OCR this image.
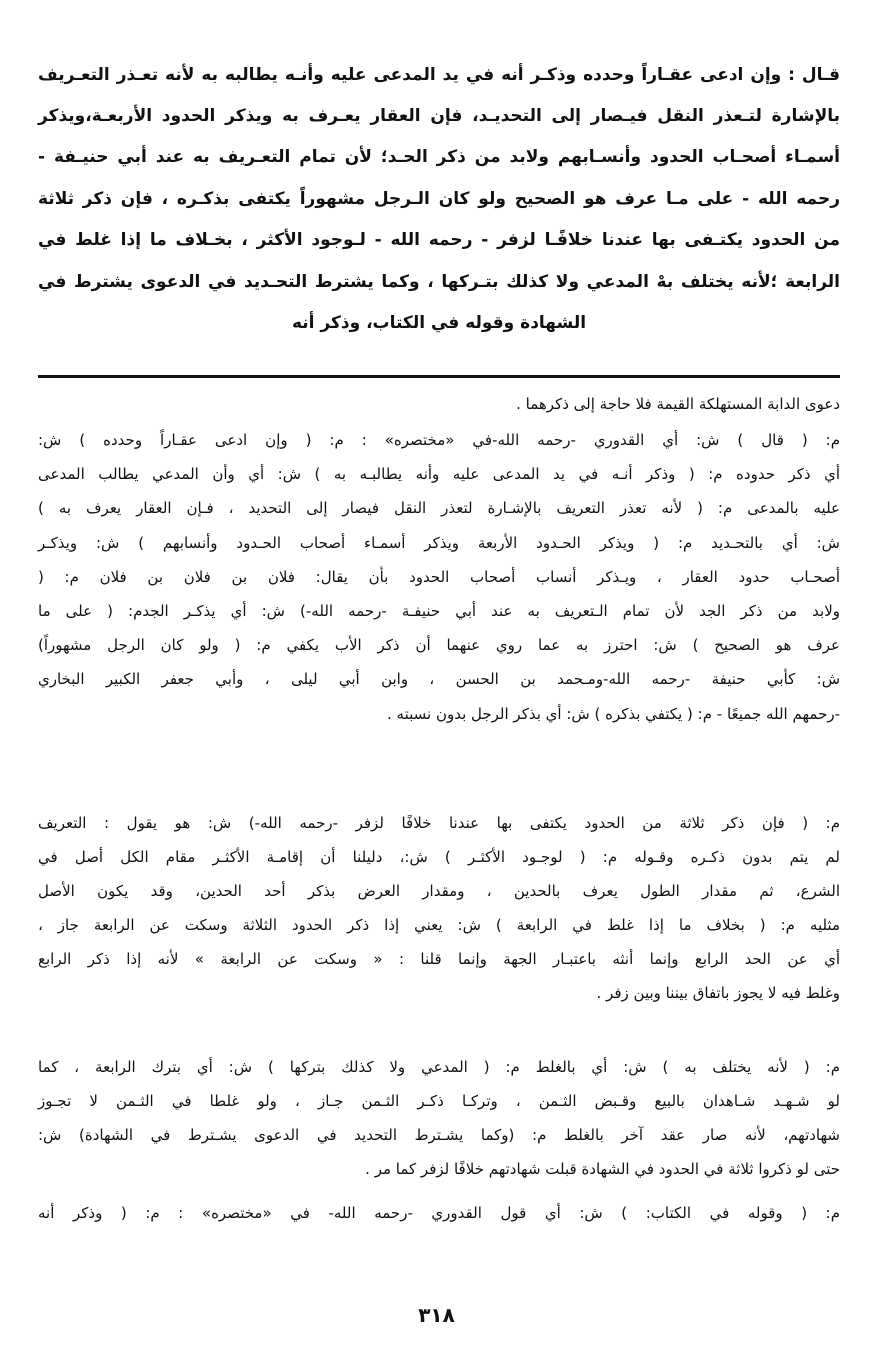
قـال : وإن ادعى عقـاراً وحدده وذكـر أنه في يد المدعى عليه وأنـه يطالبه به لأنه تعـذر التعـريف
بالإشارة لتـعذر النقل فيـصار إلى التحديـد، فإن العقار يعـرف به ويذكر الحدود الأربعـة،ويذكر
أسمـاء أصحـاب الحدود وأنسـابهم ولابد من ذكر الحـد؛ لأن تمام التعـريف به عند أبي حنيـفة -
رحمه الله - على مـا عرف هو الصحيح ولو كان الـرجل مشهوراً يكتفى بذكـره ، فإن ذكر ثلاثة
من الحدود يكتـفى بها عندنا خلافًـا لزفر - رحمه الله - لـوجود الأكثر ، بخـلاف ما إذا غلط في
الرابعة ؛لأنه يختلف بهْ المدعي ولا كذلك بتـركها ، وكما يشترط التحـديد في الدعوى يشترط في
الشهادة وقوله في الكتاب، وذكر أنه
دعوى الدابة المستهلكة القيمة فلا حاجة إلى ذكرهما .
م: ( قال ) ش: أي القدوري -رحمه الله-في «مختصره» : م: ( وإن ادعى عقـاراً وحدده ) ش:
أي ذكر حدوده م: ( وذكر أنـه في يد المدعى عليه وأنه يطالبـه به ) ش: أي وأن المدعي يطالب المدعى
عليه بالمدعى م: ( لأنه تعذر التعريف بالإشـارة لتعذر النقل فيصار إلى التحديد ، فـإن العقار يعرف به )
ش: أي بالتحـديد م: ( ويذكر الحـدود الأربعة ويذكر أسمـاء أصحاب الحـدود وأنسابهم ) ش: ويذكـر
أصحـاب حدود العقار ، ويـذكر أنساب أصحاب الحدود بأن يقال: فلان بن فلان بن فلان م: (
ولابد من ذكر الجد لأن تمام الـتعريف به عند أبي حنيفـة -رحمه الله-) ش: أي يذكـر الجدم: ( على ما
عرف هو الصحيح ) ش: احترز به عما روي عنهما أن ذكر الأب يكفي م: ( ولو كان الرجل مشهوراً)
ش: كأبي حنيفة -رحمه الله-ومـحمد بن الحسن ، وابن أبي ليلى ، وأبي جعفر الكبير البخاري
-رحمهم الله جميعًا - م: ( يكتفي بذكره ) ش: أي بذكر الرجل بدون نسبته .
م: ( فإن ذكر ثلاثة من الحدود يكتفى بها عندنا خلافًا لزفر -رحمه الله-) ش: هو يقول : التعريف
لم يتم بدون ذكـره وقـوله م: ( لوجـود الأكثـر ) ش:، دليلنا أن إقامـة الأكثـر مقام الكل أصل في
الشرع، ثم مقدار الطول يعرف بالحدين ، ومقدار العرض بذكر أحد الحدين، وقد يكون الأصل
مثليه م: ( بخلاف ما إذا غلط في الرابعة ) ش: يعني إذا ذكر الحدود الثلاثة وسكت عن الرابعة جاز ،
أي عن الحد الرابع وإنما أنثه باعتبـار الجهة وإنما قلنا : « وسكت عن الرابعة » لأنه إذا ذكر الرابع
وغلط فيه لا يجوز باتفاق بيننا وبين زفر .
م: ( لأنه يختلف به ) ش: أي بالغلط م: ( المدعي ولا كذلك بتركها ) ش: أي بترك الرابعة ، كما
لو شـهـد شـاهدان بالبيع وقـبض الثـمن ، وتركـا ذكـر الثـمن جـاز ، ولو غلطا في الثـمن لا تجـوز
شهادتهم، لأنه صار عقد آخر بالغلط م: (وكما يشـترط التحديد في الدعوى يشـترط في الشهادة) ش:
حتى لو ذكروا ثلاثة في الحدود في الشهادة قبلت شهادتهم خلافًا لزفر كما مر .
م: ( وقوله في الكتاب: ) ش: أي قول القدوري -رحمه الله- في «مختصره» : م: ( وذكر أنه
٣١٨
